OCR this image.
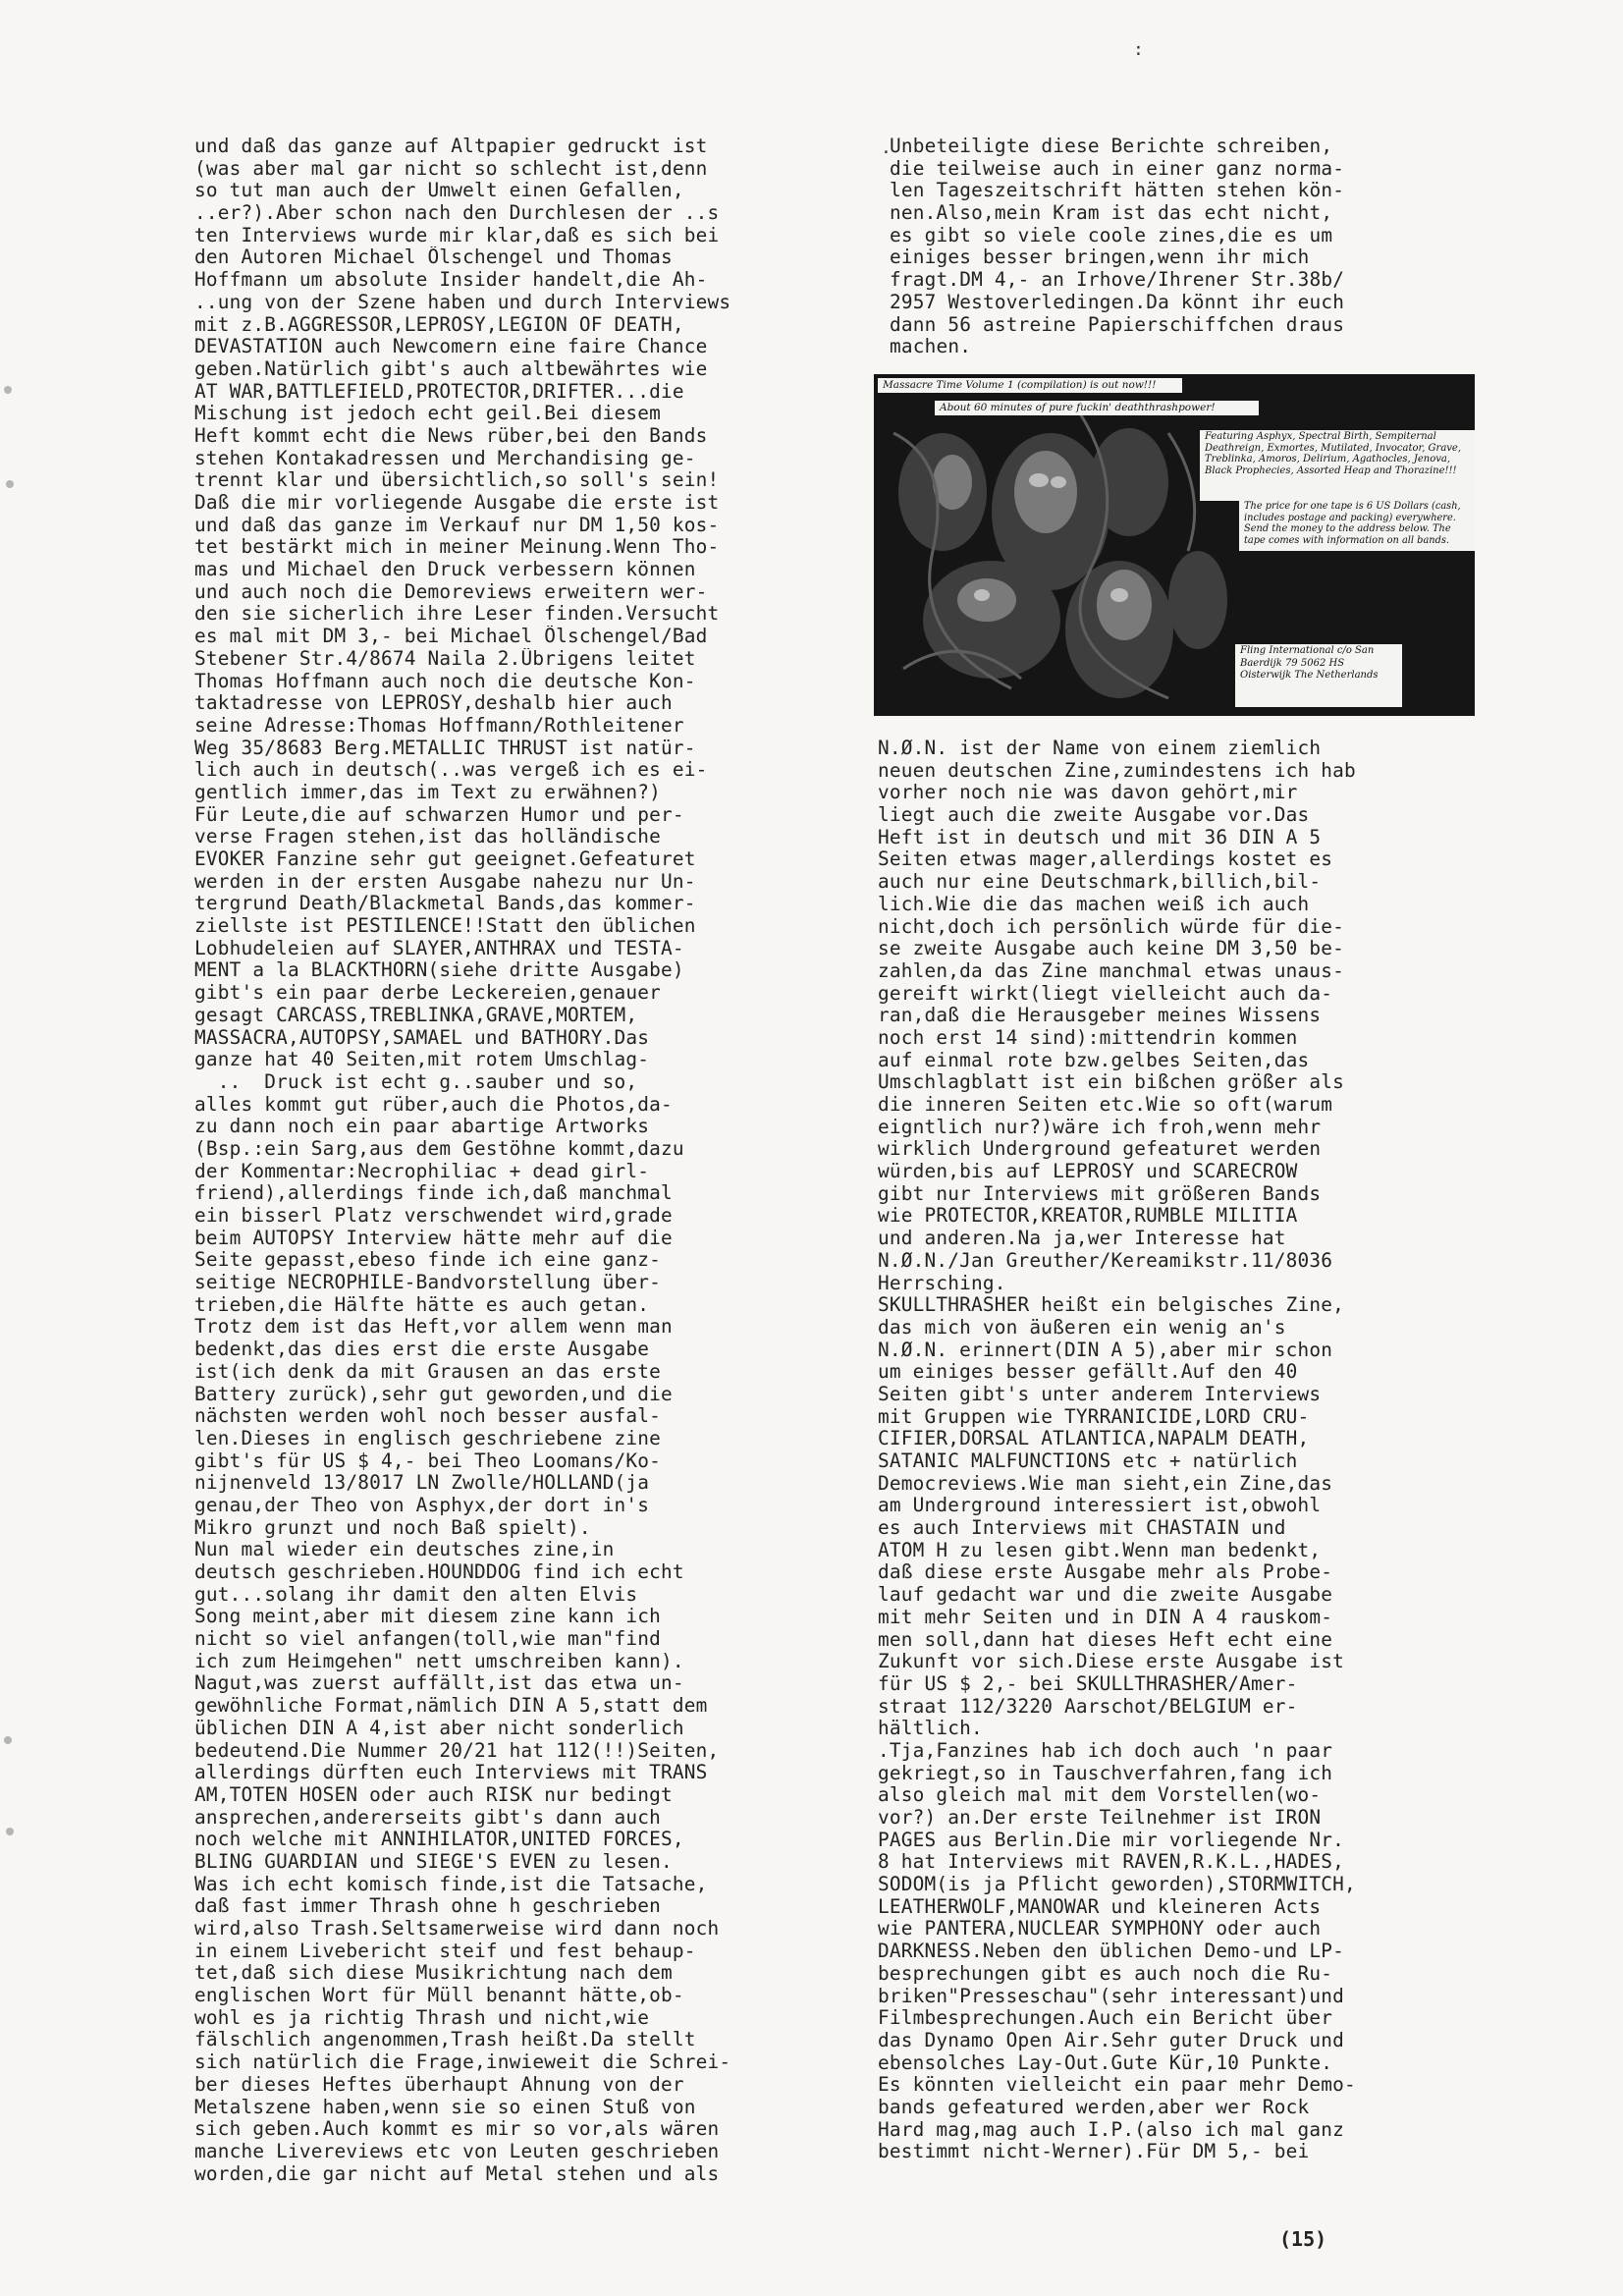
und daß das ganze auf Altpapier gedruckt ist
(was aber mal gar nicht so schlecht ist,denn
so tut man auch der Umwelt einen Gefallen,
..er?).Aber schon nach den Durchlesen der ..s
ten Interviews wurde mir klar,daß es sich bei
den Autoren Michael Ölschengel und Thomas
Hoffmann um absolute Insider handelt,die Ah-
..ung von der Szene haben und durch Interviews
mit z.B.AGGRESSOR,LEPROSY,LEGION OF DEATH,
DEVASTATION auch Newcomern eine faire Chance
geben.Natürlich gibt's auch altbewährtes wie
AT WAR,BATTLEFIELD,PROTECTOR,DRIFTER...die
Mischung ist jedoch echt geil.Bei diesem
Heft kommt echt die News rüber,bei den Bands
stehen Kontakadressen und Merchandising ge-
trennt klar und übersichtlich,so soll's sein!
Daß die mir vorliegende Ausgabe die erste ist
und daß das ganze im Verkauf nur DM 1,50 kos-
tet bestärkt mich in meiner Meinung.Wenn Tho-
mas und Michael den Druck verbessern können
und auch noch die Demoreviews erweitern wer-
den sie sicherlich ihre Leser finden.Versucht
es mal mit DM 3,- bei Michael Ölschengel/Bad
Stebener Str.4/8674 Naila 2.Übrigens leitet
Thomas Hoffmann auch noch die deutsche Kon-
taktadresse von LEPROSY,deshalb hier auch
seine Adresse:Thomas Hoffmann/Rothleitener
Weg 35/8683 Berg.METALLIC THRUST ist natür-
lich auch in deutsch(..was vergeß ich es ei-
gentlich immer,das im Text zu erwähnen?)
Für Leute,die auf schwarzen Humor und per-
verse Fragen stehen,ist das holländische
EVOKER Fanzine sehr gut geeignet.Gefeaturet
werden in der ersten Ausgabe nahezu nur Un-
tergrund Death/Blackmetal Bands,das kommer-
ziellste ist PESTILENCE!!Statt den üblichen
Lobhudeleien auf SLAYER,ANTHRAX und TESTA-
MENT a la BLACKTHORN(siehe dritte Ausgabe)
gibt's ein paar derbe Leckereien,genauer
gesagt CARCASS,TREBLINKA,GRAVE,MORTEM,
MASSACRA,AUTOPSY,SAMAEL und BATHORY.Das
ganze hat 40 Seiten,mit rotem Umschlag-
..  Druck ist echt g..sauber und so,
alles kommt gut rüber,auch die Photos,da-
zu dann noch ein paar abartige Artworks
(Bsp.:ein Sarg,aus dem Gestöhne kommt,dazu
der Kommentar:Necrophiliac + dead girl-
friend),allerdings finde ich,daß manchmal
ein bisserl Platz verschwendet wird,grade
beim AUTOPSY Interview hätte mehr auf die
Seite gepasst,ebeso finde ich eine ganz-
seitige NECROPHILE-Bandvorstellung über-
trieben,die Hälfte hätte es auch getan.
Trotz dem ist das Heft,vor allem wenn man
bedenkt,das dies erst die erste Ausgabe
ist(ich denk da mit Grausen an das erste
Battery zurück),sehr gut geworden,und die
nächsten werden wohl noch besser ausfal-
len.Dieses in englisch geschriebene zine
gibt's für US $ 4,- bei Theo Loomans/Ko-
nijnenveld 13/8017 LN Zwolle/HOLLAND(ja
genau,der Theo von Asphyx,der dort in's
Mikro grunzt und noch Baß spielt).
Nun mal wieder ein deutsches zine,in
deutsch geschrieben.HOUNDDOG find ich echt
gut...solang ihr damit den alten Elvis
Song meint,aber mit diesem zine kann ich
nicht so viel anfangen(toll,wie man"find
ich zum Heimgehen" nett umschreiben kann).
Nagut,was zuerst auffällt,ist das etwa un-
gewöhnliche Format,nämlich DIN A 5,statt dem
üblichen DIN A 4,ist aber nicht sonderlich
bedeutend.Die Nummer 20/21 hat 112(!!)Seiten,
allerdings dürften euch Interviews mit TRANS
AM,TOTEN HOSEN oder auch RISK nur bedingt
ansprechen,andererseits gibt's dann auch
noch welche mit ANNIHILATOR,UNITED FORCES,
BLING GUARDIAN und SIEGE'S EVEN zu lesen.
Was ich echt komisch finde,ist die Tatsache,
daß fast immer Thrash ohne h geschrieben
wird,also Trash.Seltsamerweise wird dann noch
in einem Livebericht steif und fest behaup-
tet,daß sich diese Musikrichtung nach dem
englischen Wort für Müll benannt hätte,ob-
wohl es ja richtig Thrash und nicht,wie
fälschlich angenommen,Trash heißt.Da stellt
sich natürlich die Frage,inwieweit die Schrei-
ber dieses Heftes überhaupt Ahnung von der
Metalszene haben,wenn sie so einen Stuß von
sich geben.Auch kommt es mir so vor,als wären
manche Livereviews etc von Leuten geschrieben
worden,die gar nicht auf Metal stehen und als
Unbeteiligte diese Berichte schreiben,
die teilweise auch in einer ganz norma-
len Tageszeitschrift hätten stehen kön-
nen.Also,mein Kram ist das echt nicht,
es gibt so viele coole zines,die es um
einiges besser bringen,wenn ihr mich
fragt.DM 4,- an Irhove/Ihrener Str.38b/
2957 Westoverledingen.Da könnt ihr euch
dann 56 astreine Papierschiffchen draus
machen.
Massacre Time Volume 1 (compilation) is out now!!!
About 60 minutes of pure fuckin' deaththrashpower!
Featuring Asphyx, Spectral Birth, Sempiternal Deathreign, Exmortes, Mutilated, Invocator, Grave, Treblinka, Amoros, Delirium, Agathocles, Jenova, Black Prophecies, Assorted Heap and Thorazine!!!
The price for one tape is 6 US Dollars (cash, includes postage and packing) everywhere. Send the money to the address below. The tape comes with information on all bands.
Fling International c/o San Baerdijk 79 5062 HS Oisterwijk The Netherlands
N.Ø.N. ist der Name von einem ziemlich
neuen deutschen Zine,zumindestens ich hab
vorher noch nie was davon gehört,mir
liegt auch die zweite Ausgabe vor.Das
Heft ist in deutsch und mit 36 DIN A 5
Seiten etwas mager,allerdings kostet es
auch nur eine Deutschmark,billich,bil-
lich.Wie die das machen weiß ich auch
nicht,doch ich persönlich würde für die-
se zweite Ausgabe auch keine DM 3,50 be-
zahlen,da das Zine manchmal etwas unaus-
gereift wirkt(liegt vielleicht auch da-
ran,daß die Herausgeber meines Wissens
noch erst 14 sind):mittendrin kommen
auf einmal rote bzw.gelbes Seiten,das
Umschlagblatt ist ein bißchen größer als
die inneren Seiten etc.Wie so oft(warum
eigntlich nur?)wäre ich froh,wenn mehr
wirklich Underground gefeaturet werden
würden,bis auf LEPROSY und SCARECROW
gibt nur Interviews mit größeren Bands
wie PROTECTOR,KREATOR,RUMBLE MILITIA
und anderen.Na ja,wer Interesse hat
N.Ø.N./Jan Greuther/Kereamikstr.11/8036
Herrsching.
SKULLTHRASHER heißt ein belgisches Zine,
das mich von äußeren ein wenig an's
N.Ø.N. erinnert(DIN A 5),aber mir schon
um einiges besser gefällt.Auf den 40
Seiten gibt's unter anderem Interviews
mit Gruppen wie TYRRANICIDE,LORD CRU-
CIFIER,DORSAL ATLANTICA,NAPALM DEATH,
SATANIC MALFUNCTIONS etc + natürlich
Democreviews.Wie man sieht,ein Zine,das
am Underground interessiert ist,obwohl
es auch Interviews mit CHASTAIN und
ATOM H zu lesen gibt.Wenn man bedenkt,
daß diese erste Ausgabe mehr als Probe-
lauf gedacht war und die zweite Ausgabe
mit mehr Seiten und in DIN A 4 rauskom-
men soll,dann hat dieses Heft echt eine
Zukunft vor sich.Diese erste Ausgabe ist
für US $ 2,- bei SKULLTHRASHER/Amer-
straat 112/3220 Aarschot/BELGIUM er-
hältlich.
.Tja,Fanzines hab ich doch auch 'n paar
gekriegt,so in Tauschverfahren,fang ich
also gleich mal mit dem Vorstellen(wo-
vor?) an.Der erste Teilnehmer ist IRON
PAGES aus Berlin.Die mir vorliegende Nr.
8 hat Interviews mit RAVEN,R.K.L.,HADES,
SODOM(is ja Pflicht geworden),STORMWITCH,
LEATHERWOLF,MANOWAR und kleineren Acts
wie PANTERA,NUCLEAR SYMPHONY oder auch
DARKNESS.Neben den üblichen Demo-und LP-
besprechungen gibt es auch noch die Ru-
briken"Presseschau"(sehr interessant)und
Filmbesprechungen.Auch ein Bericht über
das Dynamo Open Air.Sehr guter Druck und
ebensolches Lay-Out.Gute Kür,10 Punkte.
Es könnten vielleicht ein paar mehr Demo-
bands gefeatured werden,aber wer Rock
Hard mag,mag auch I.P.(also ich mal ganz
bestimmt nicht-Werner).Für DM 5,- bei
(15)
·
:
